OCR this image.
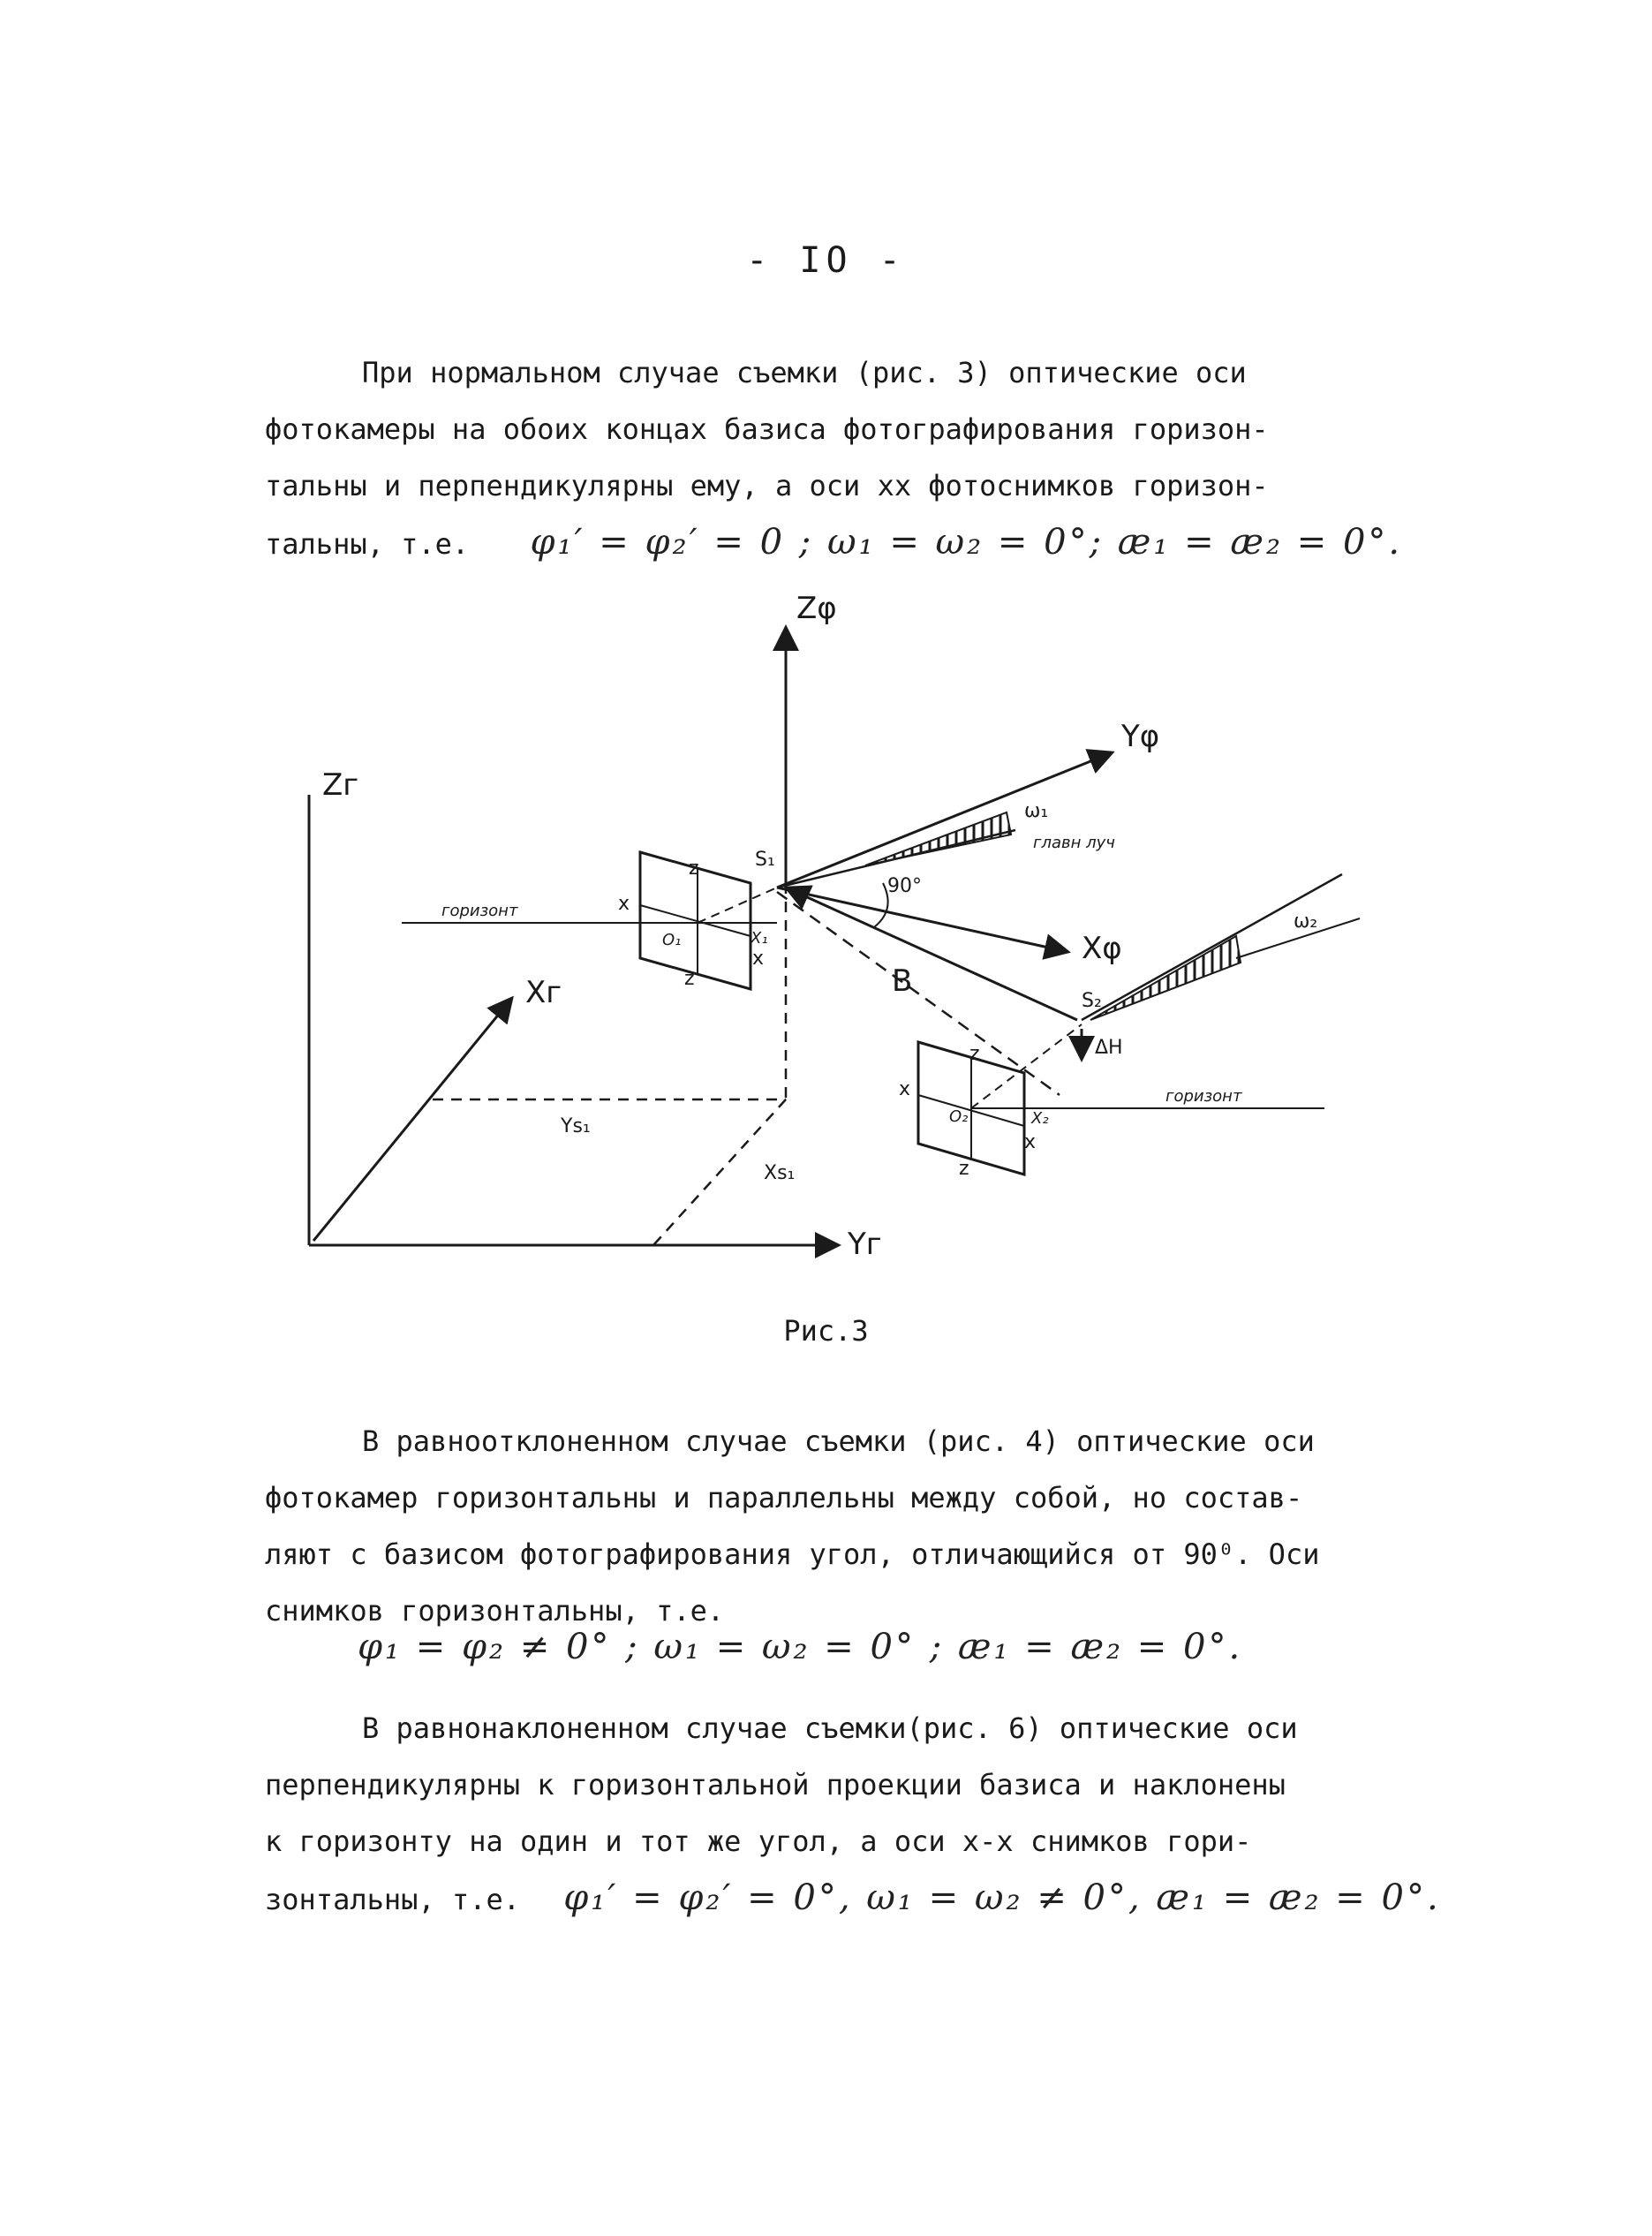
- IO -
При нормальном случае съемки (рис. 3) оптические оси
фотокамеры на обоих концах базиса фотографирования горизон-
тальны и перпендикулярны ему, а оси хх фотоснимков горизон-
тальны, т.е. φ₁′ = φ₂′ = 0 ; ω₁ = ω₂ = 0°; æ₁ = æ₂ = 0°.
Zφ
Yφ
Xφ
Zг
Xг
Yг
S₁
S₂
O₁
O₂
B
ΔH
90°
ω₁
ω₂
главн луч
горизонт
горизонт
Ys₁
Xs₁
x
z
z
X₁
x
x
z
z
X₂
x
Рис.3
В равноотклоненном случае съемки (рис. 4) оптические оси
фотокамер горизонтальны и параллельны между собой, но состав-
ляют с базисом фотографирования угол, отличающийся от 90⁰. Оси
снимков горизонтальны, т.е.
φ₁ = φ₂ ≠ 0° ; ω₁ = ω₂ = 0° ; æ₁ = æ₂ = 0°.
В равнонаклоненном случае съемки(рис. 6) оптические оси
перпендикулярны к горизонтальной проекции базиса и наклонены
к горизонту на один и тот же угол, а оси x-x снимков гори-
зонтальны, т.е. φ₁′ = φ₂′ = 0°, ω₁ = ω₂ ≠ 0°, æ₁ = æ₂ = 0°.
